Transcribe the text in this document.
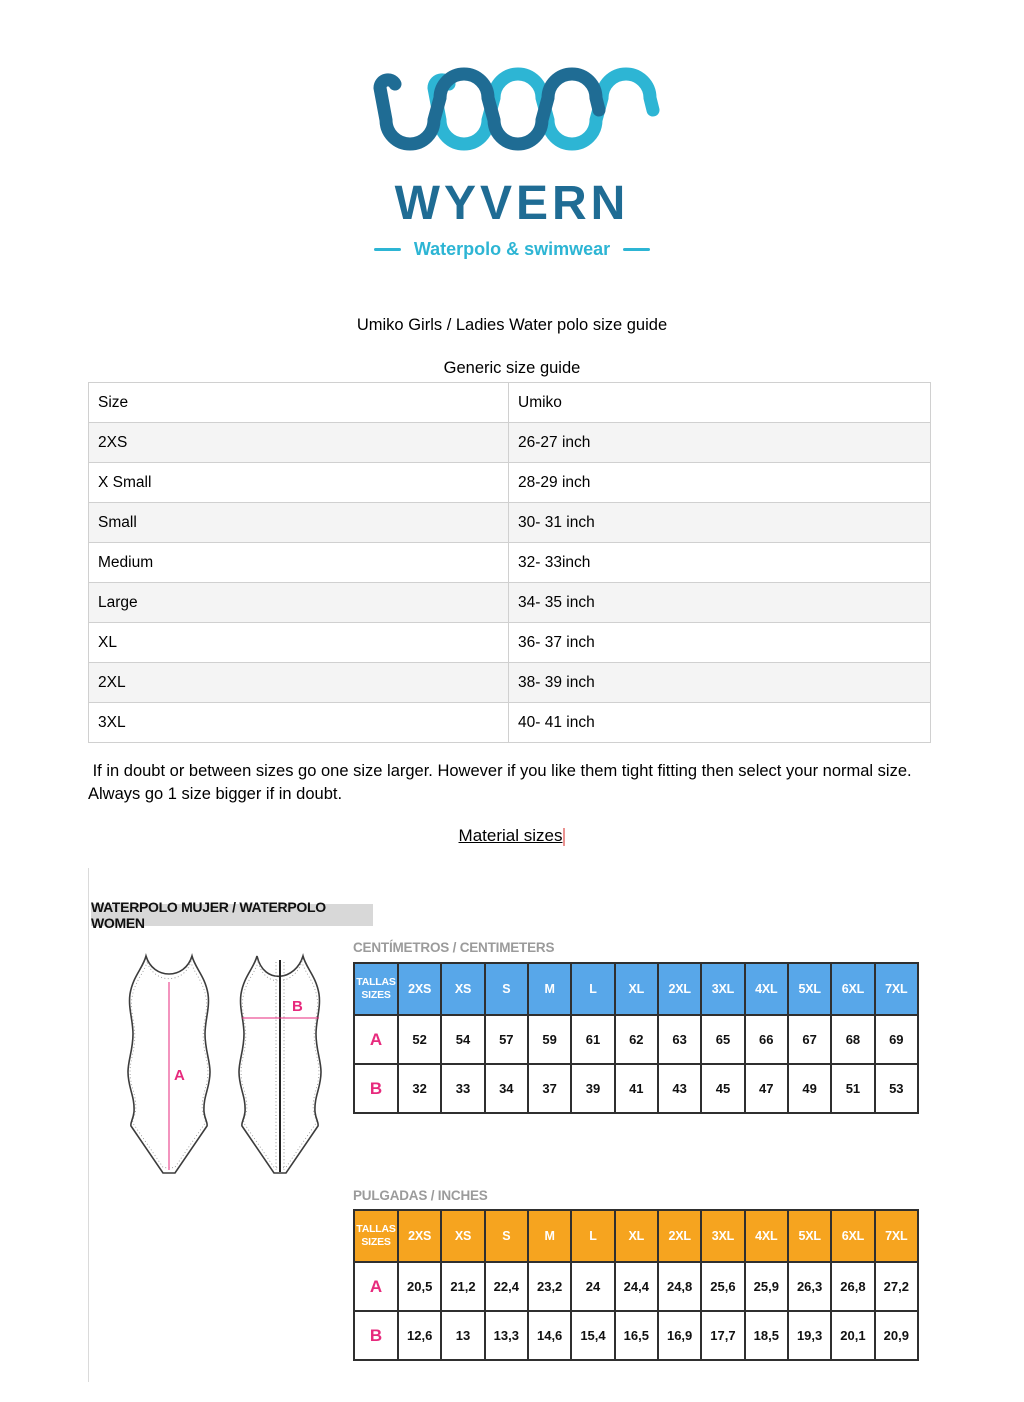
WYVERN
Waterpolo & swimwear
Umiko Girls / Ladies Water polo size guide
Generic size guide
Size	Umiko
2XS	26-27 inch
X Small	28-29 inch
Small	30- 31 inch
Medium	32- 33inch
Large	34- 35 inch
XL	36- 37 inch
2XL	38- 39 inch
3XL	40- 41 inch
If in doubt or between sizes go one size larger. However if you like them tight fitting then select your normal size. Always go 1 size bigger if in doubt.
Material sizes
WATERPOLO MUJER / WATERPOLO WOMEN
A
B
CENTÍMETROS / CENTIMETERS
TALLAS
SIZES	2XS	XS	S	M	L	XL	2XL	3XL	4XL	5XL	6XL	7XL
A	52	54	57	59	61	62	63	65	66	67	68	69
B	32	33	34	37	39	41	43	45	47	49	51	53
PULGADAS / INCHES
TALLAS
SIZES	2XS	XS	S	M	L	XL	2XL	3XL	4XL	5XL	6XL	7XL
A	20,5	21,2	22,4	23,2	24	24,4	24,8	25,6	25,9	26,3	26,8	27,2
B	12,6	13	13,3	14,6	15,4	16,5	16,9	17,7	18,5	19,3	20,1	20,9
